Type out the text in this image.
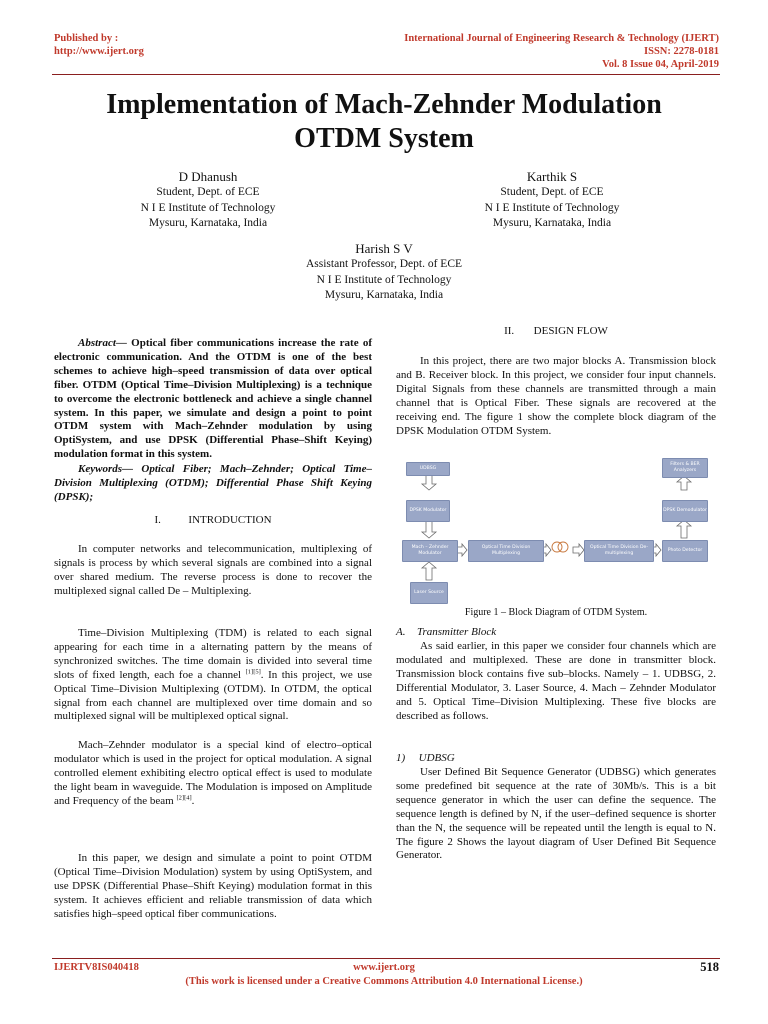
Published by :
http://www.ijert.org
International Journal of Engineering Research & Technology (IJERT)
ISSN: 2278-0181
Vol. 8 Issue 04, April-2019
Implementation of Mach-Zehnder Modulation
OTDM System
D Dhanush
Student, Dept. of ECE
N I E Institute of Technology
Mysuru, Karnataka, India
Karthik S
Student, Dept. of ECE
N I E Institute of Technology
Mysuru, Karnataka, India
Harish S V
Assistant Professor, Dept. of ECE
N I E Institute of Technology
Mysuru, Karnataka, India

Abstract— Optical fiber communications increase the rate of electronic communication. And the OTDM is one of the best schemes to achieve high–speed transmission of data over optical fiber. OTDM (Optical Time–Division Multiplexing) is a technique to overcome the electronic bottleneck and achieve a single channel system. In this paper, we simulate and design a point to point OTDM system with Mach–Zehnder modulation by using OptiSystem, and use DPSK (Differential Phase–Shift Keying) modulation format in this system.

Keywords— Optical Fiber; Mach–Zehnder; Optical Time–Division Multiplexing (OTDM); Differential Phase Shift Keying (DPSK);

I.	INTRODUCTION

In computer networks and telecommunication, multiplexing of signals is process by which several signals are combined into a signal over shared medium. The reverse process is done to recover the multiplexed signal called De – Multiplexing.

Time–Division Multiplexing (TDM) is related to each signal appearing for each time in a alternating pattern by the means of synchronized switches. The time domain is divided into several time slots of fixed length, each foe a channel [1][5]. In this project, we use Optical Time–Division Multiplexing (OTDM). In OTDM, the optical signal from each channel are multiplexed over time domain and so multiplexed signal will be multiplexed optical signal.

Mach–Zehnder modulator is a special kind of electro–optical modulator which is used in the project for optical modulation. A signal controlled element exhibiting electro optical effect is used to modulate the light beam in waveguide. The Modulation is imposed on Amplitude and Frequency of the beam [2][4].

In this paper, we design and simulate a point to point OTDM (Optical Time–Division Modulation) system by using OptiSystem, and use DPSK (Differential Phase–Shift Keying) modulation format in this system. It achieves efficient and reliable transmission of data which satisfies high–speed optical fiber communications.

II. DESIGN FLOW

In this project, there are two major blocks A. Transmission block and B. Receiver block. In this project, we consider four input channels. Digital Signals from these channels are transmitted through a main channel that is Optical Fiber. These signals are recovered at the receiving end. The figure 1 show the complete block diagram of the DPSK Modulation OTDM System.

UDBSG
DPSK Modulator
Mach – Zehnder Modulator
Laser Source
Optical Time Division Multiplexing
Optical Time Division De-multiplexing
Photo Detector
DPSK Demodulator
Filters & BER Analyzers
Figure 1 – Block Diagram of OTDM System.
A. Transmitter Block

As said earlier, in this paper we consider four channels which are modulated and multiplexed. These are done in transmitter block. Transmission block contains five sub–blocks. Namely – 1. UDBSG, 2. Differential Modulator, 3. Laser Source, 4. Mach – Zehnder Modulator and 5. Optical Time–Division Multiplexing. These five blocks are described as follows.

1) UDBSG

User Defined Bit Sequence Generator (UDBSG) which generates some predefined bit sequence at the rate of 30Mb/s. This is a bit sequence generator in which the user can define the sequence. The sequence length is defined by N, if the user–defined sequence is shorter than the N, the sequence will be repeated until the length is equal to N. The figure 2 Shows the layout diagram of User Defined Bit Sequence Generator.

IJERTV8IS040418	www.ijert.org	518
(This work is licensed under a Creative Commons Attribution 4.0 International License.)
